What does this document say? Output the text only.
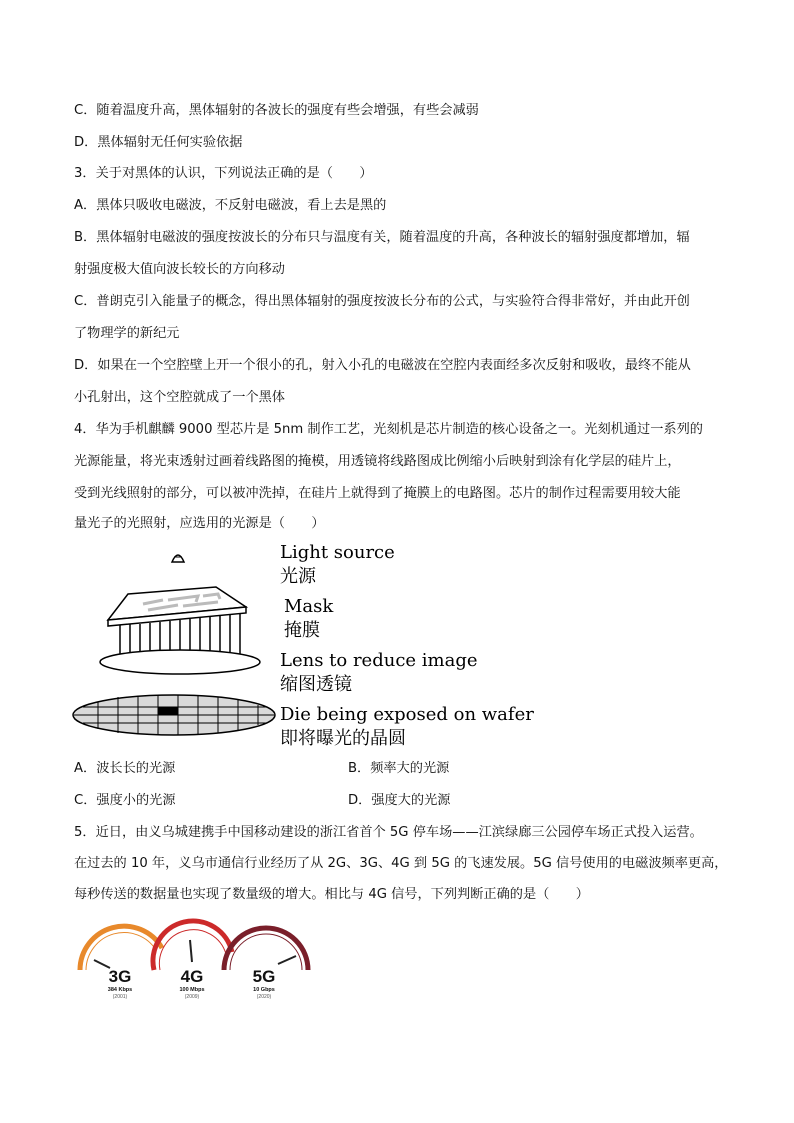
C．随着温度升高，黑体辐射的各波长的强度有些会增强，有些会减弱
D．黑体辐射无任何实验依据
3．关于对黑体的认识，下列说法正确的是（　　）
A．黑体只吸收电磁波，不反射电磁波，看上去是黑的
B．黑体辐射电磁波的强度按波长的分布只与温度有关，随着温度的升高，各种波长的辐射强度都增加，辐
射强度极大值向波长较长的方向移动
C．普朗克引入能量子的概念，得出黑体辐射的强度按波长分布的公式，与实验符合得非常好，并由此开创
了物理学的新纪元
D．如果在一个空腔壁上开一个很小的孔，射入小孔的电磁波在空腔内表面经多次反射和吸收，最终不能从
小孔射出，这个空腔就成了一个黑体
4．华为手机麒麟 9000 型芯片是 5nm 制作工艺，光刻机是芯片制造的核心设备之一。光刻机通过一系列的
光源能量，将光束透射过画着线路图的掩模，用透镜将线路图成比例缩小后映射到涂有化学层的硅片上，
受到光线照射的部分，可以被冲洗掉，在硅片上就得到了掩膜上的电路图。芯片的制作过程需要用较大能
量光子的光照射，应选用的光源是（　　）
Light source
光源
Mask
掩膜
Lens to reduce image
缩图透镜
Die being exposed on wafer
即将曝光的晶圆
A．波长长的光源	B．频率大的光源
C．强度小的光源	D．强度大的光源
5．近日，由义乌城建携手中国移动建设的浙江省首个 5G 停车场——江滨绿廊三公园停车场正式投入运营。
在过去的 10 年，义乌市通信行业经历了从 2G、3G、4G 到 5G 的飞速发展。5G 信号使用的电磁波频率更高，
每秒传送的数据量也实现了数量级的增大。相比与 4G 信号，下列判断正确的是（　　）
3G
384 Kbps
(2001)
4G
100 Mbps
(2009)
5G
10 Gbps
(2020)
